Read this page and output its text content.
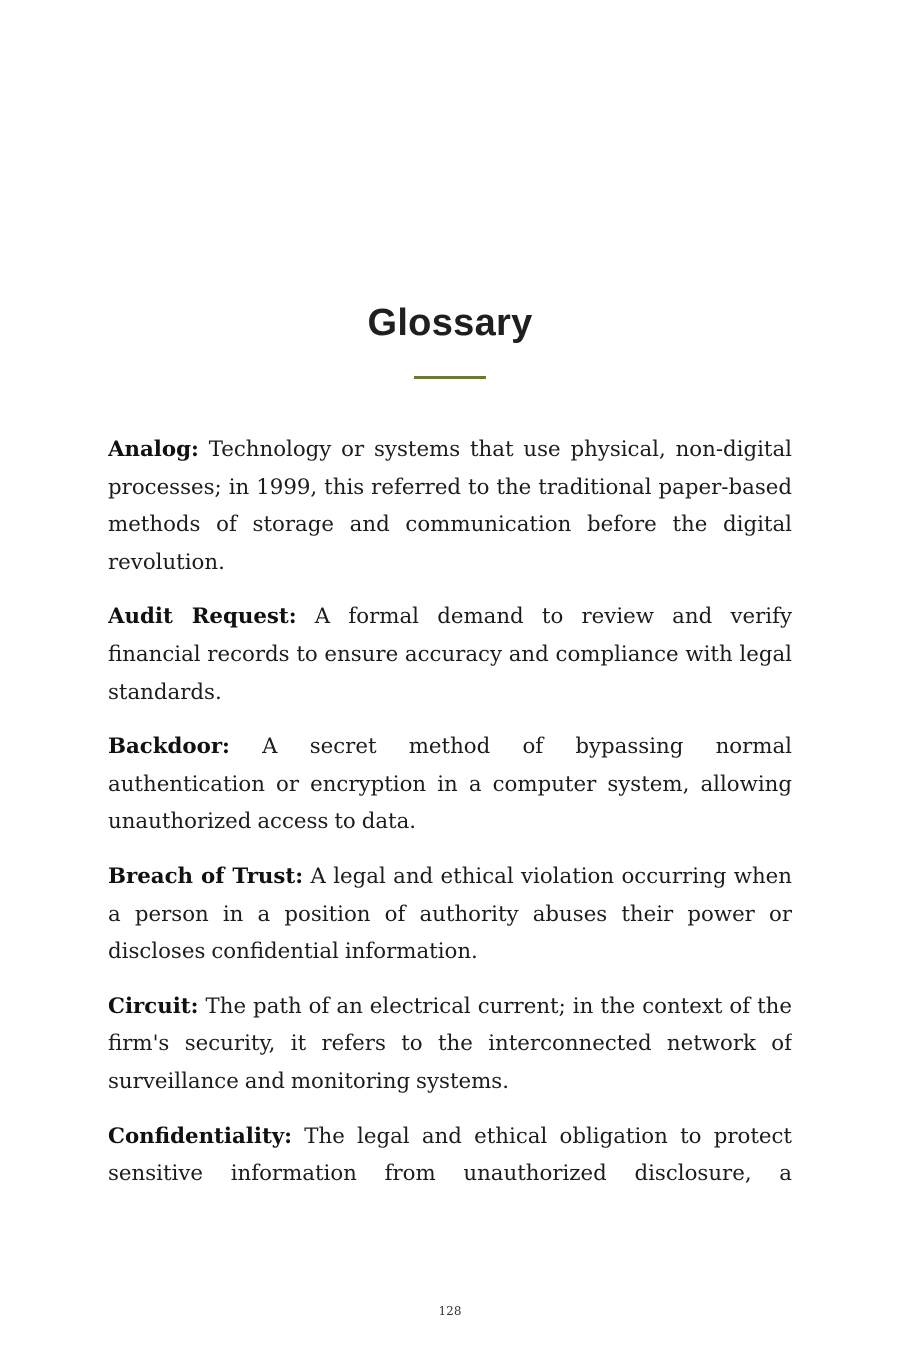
Glossary

Analog: Technology or systems that use physical, non-digital processes; in 1999, this referred to the traditional paper-based methods of storage and communication before the digital revolution.

Audit Request: A formal demand to review and verify financial records to ensure accuracy and compliance with legal standards.

Backdoor: A secret method of bypassing normal authentication or encryption in a computer system, allowing unauthorized access to data.

Breach of Trust: A legal and ethical violation occurring when a person in a position of authority abuses their power or discloses confidential information.

Circuit: The path of an electrical current; in the context of the firm's security, it refers to the interconnected network of surveillance and monitoring systems.

Confidentiality: The legal and ethical obligation to protect sensitive information from unauthorized disclosure, a

128
